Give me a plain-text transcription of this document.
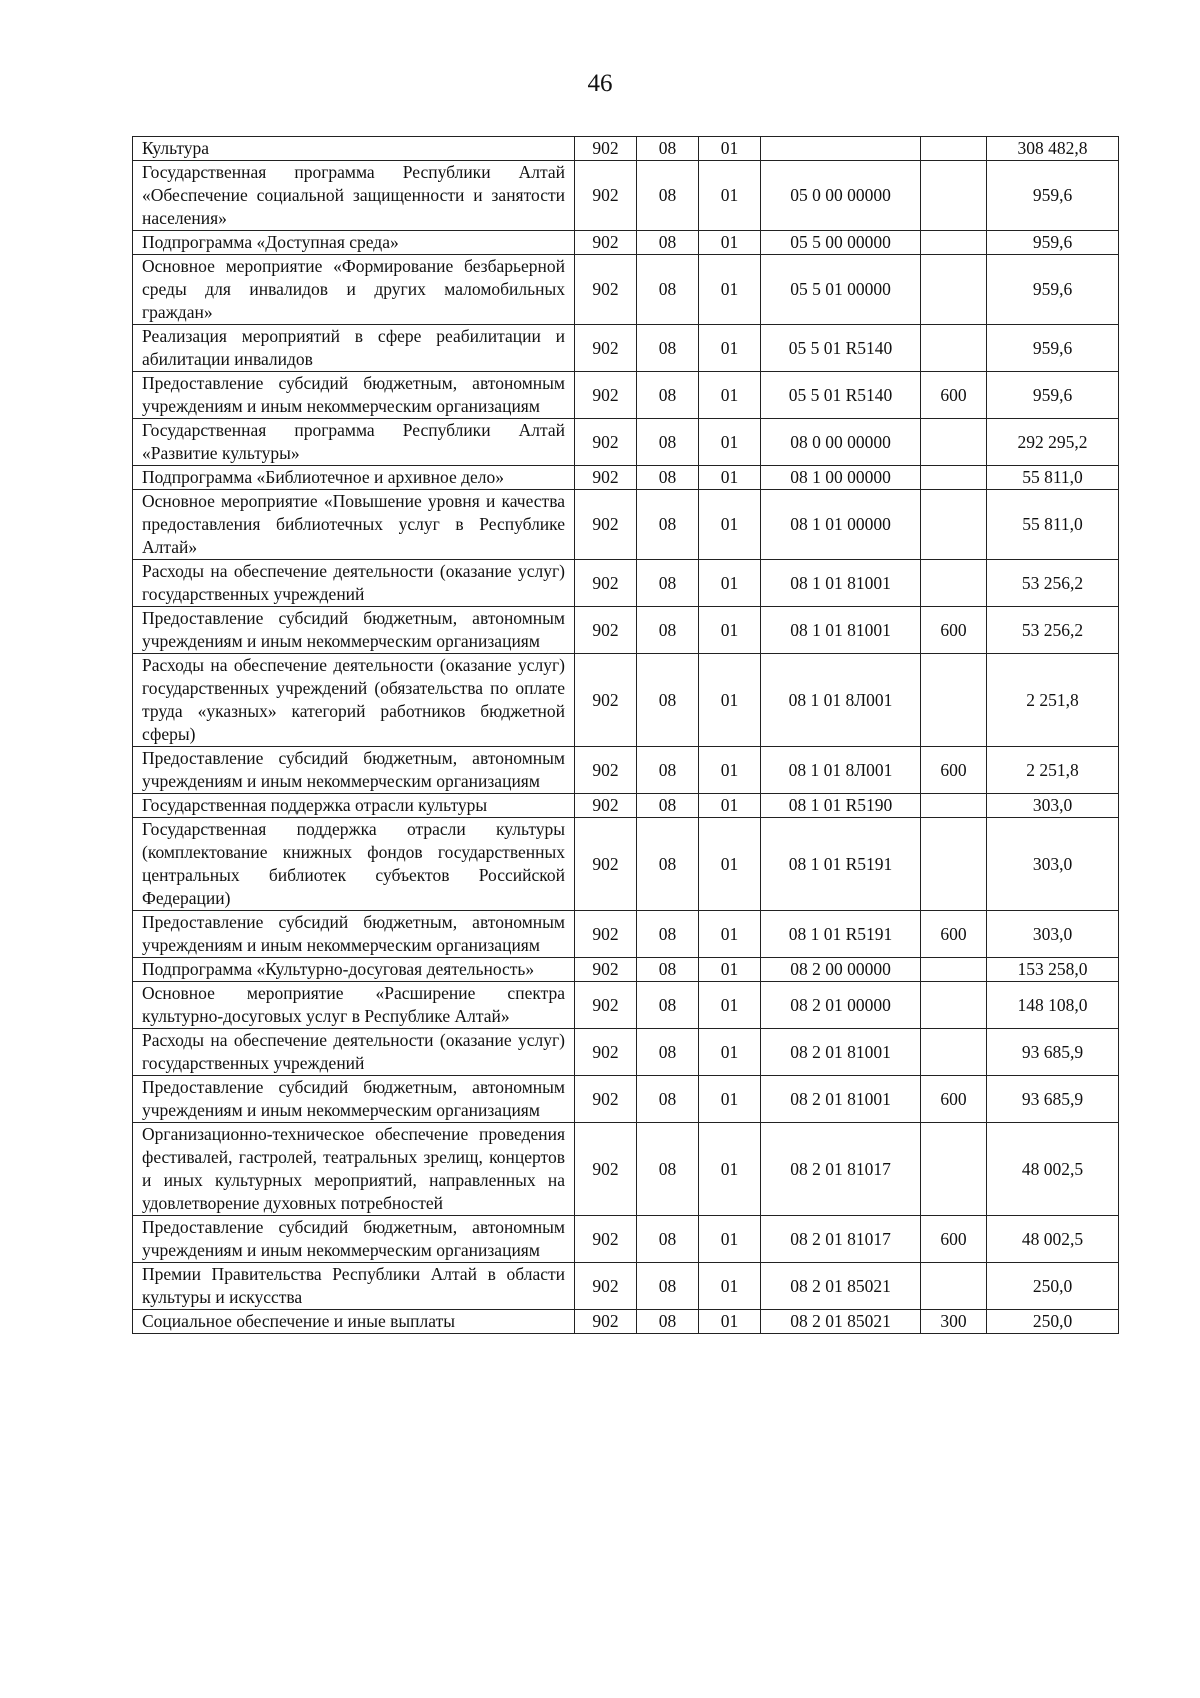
46
Культура	902	08	01			308 482,8
Государственная программа Республики Алтай «Обеспечение социальной защищенности и занятости населения»	902	08	01	05 0 00 00000		959,6
Подпрограмма «Доступная среда»	902	08	01	05 5 00 00000		959,6
Основное мероприятие «Формирование безбарьерной среды для инвалидов и других маломобильных граждан»	902	08	01	05 5 01 00000		959,6
Реализация мероприятий в сфере реабилитации и абилитации инвалидов	902	08	01	05 5 01 R5140		959,6
Предоставление субсидий бюджетным, автономным учреждениям и иным некоммерческим организациям	902	08	01	05 5 01 R5140	600	959,6
Государственная программа Республики Алтай «Развитие культуры»	902	08	01	08 0 00 00000		292 295,2
Подпрограмма «Библиотечное и архивное дело»	902	08	01	08 1 00 00000		55 811,0
Основное мероприятие «Повышение уровня и качества предоставления библиотечных услуг в Республике Алтай»	902	08	01	08 1 01 00000		55 811,0
Расходы на обеспечение деятельности (оказание услуг) государственных учреждений	902	08	01	08 1 01 81001		53 256,2
Предоставление субсидий бюджетным, автономным учреждениям и иным некоммерческим организациям	902	08	01	08 1 01 81001	600	53 256,2
Расходы на обеспечение деятельности (оказание услуг) государственных учреждений (обязательства по оплате труда «указных» категорий работников бюджетной сферы)	902	08	01	08 1 01 8Л001		2 251,8
Предоставление субсидий бюджетным, автономным учреждениям и иным некоммерческим организациям	902	08	01	08 1 01 8Л001	600	2 251,8
Государственная поддержка отрасли культуры	902	08	01	08 1 01 R5190		303,0
Государственная поддержка отрасли культуры (комплектование книжных фондов государственных центральных библиотек субъектов Российской Федерации)	902	08	01	08 1 01 R5191		303,0
Предоставление субсидий бюджетным, автономным учреждениям и иным некоммерческим организациям	902	08	01	08 1 01 R5191	600	303,0
Подпрограмма «Культурно-досуговая деятельность»	902	08	01	08 2 00 00000		153 258,0
Основное мероприятие «Расширение спектра культурно-досуговых услуг в Республике Алтай»	902	08	01	08 2 01 00000		148 108,0
Расходы на обеспечение деятельности (оказание услуг) государственных учреждений	902	08	01	08 2 01 81001		93 685,9
Предоставление субсидий бюджетным, автономным учреждениям и иным некоммерческим организациям	902	08	01	08 2 01 81001	600	93 685,9
Организационно-техническое обеспечение проведения фестивалей, гастролей, театральных зрелищ, концертов и иных культурных мероприятий, направленных на удовлетворение духовных потребностей	902	08	01	08 2 01 81017		48 002,5
Предоставление субсидий бюджетным, автономным учреждениям и иным некоммерческим организациям	902	08	01	08 2 01 81017	600	48 002,5
Премии Правительства Республики Алтай в области культуры и искусства	902	08	01	08 2 01 85021		250,0
Социальное обеспечение и иные выплаты	902	08	01	08 2 01 85021	300	250,0
